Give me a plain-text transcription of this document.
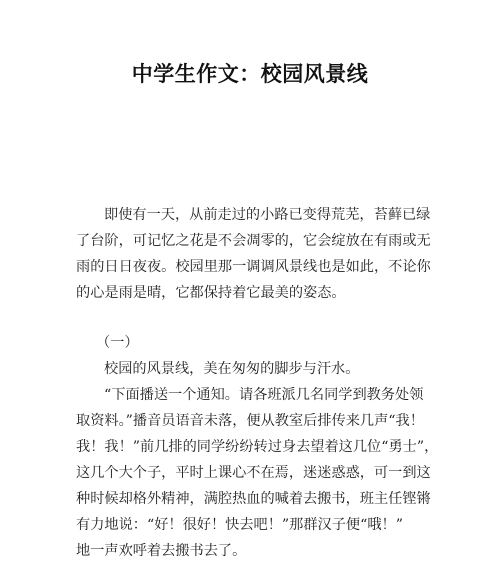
中学生作文：校园风景线
即使有一天，从前走过的小路已变得荒芜，苔藓已绿
了台阶，可记忆之花是不会凋零的，它会绽放在有雨或无
雨的日日夜夜。校园里那一调调风景线也是如此，不论你
的心是雨是晴，它都保持着它最美的姿态。
（一）
校园的风景线，美在匆匆的脚步与汗水。
“下面播送一个通知。请各班派几名同学到教务处领
取资料。”播音员语音未落，便从教室后排传来几声“我！
我！我！”前几排的同学纷纷转过身去望着这几位“勇士”，
这几个大个子，平时上课心不在焉，迷迷惑惑，可一到这
种时候却格外精神，满腔热血的喊着去搬书，班主任铿锵
有力地说：“好！很好！快去吧！”那群汉子便“哦！”
地一声欢呼着去搬书去了。
